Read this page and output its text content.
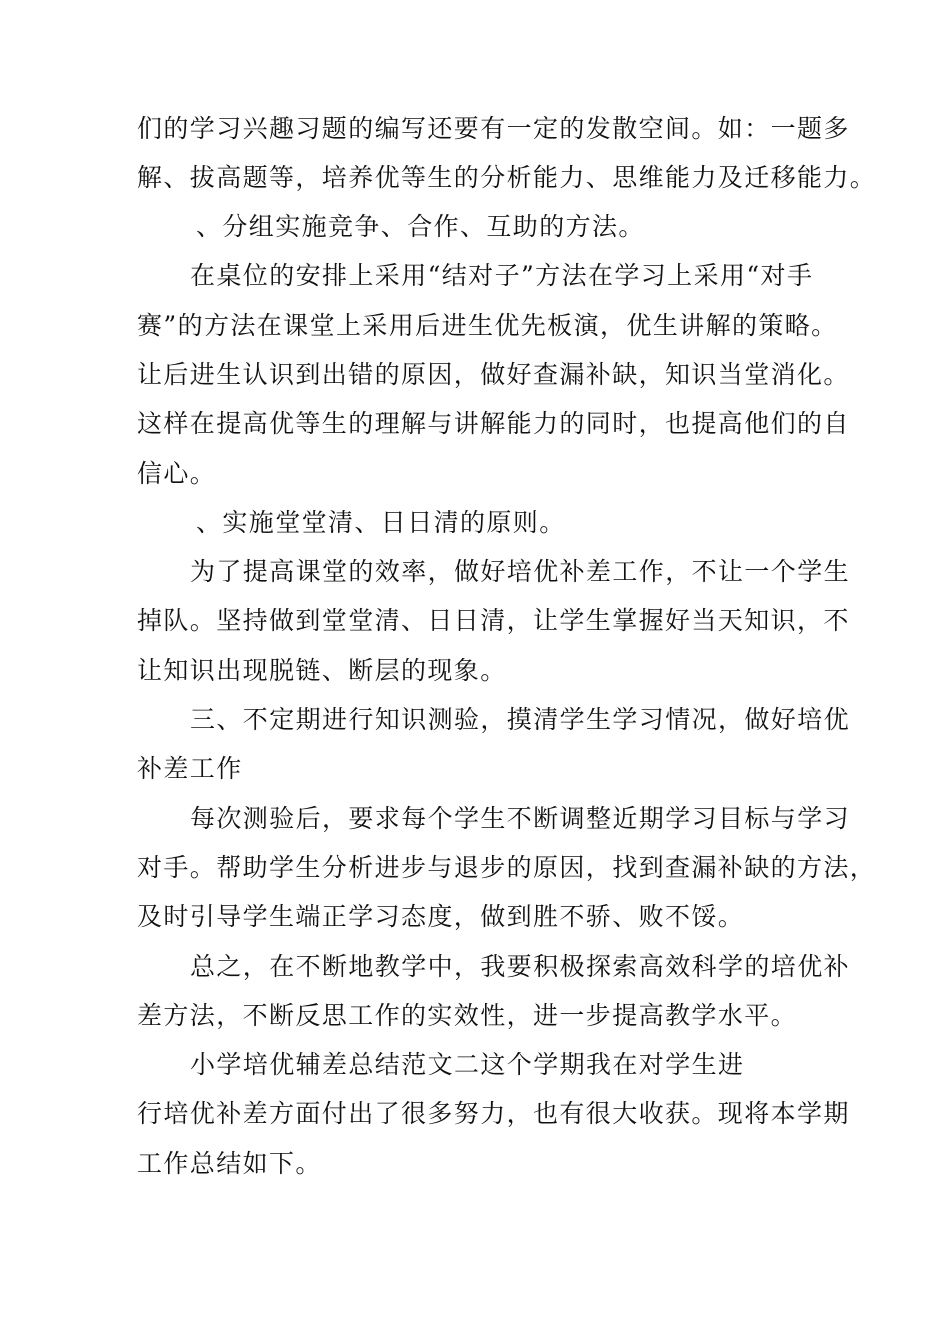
们的学习兴趣习题的编写还要有一定的发散空间。如：一题多
解、拔高题等，培养优等生的分析能力、思维能力及迁移能力。
、分组实施竞争、合作、互助的方法。
在桌位的安排上采用“结对子”方法在学习上采用“对手
赛”的方法在课堂上采用后进生优先板演，优生讲解的策略。
让后进生认识到出错的原因，做好查漏补缺，知识当堂消化。
这样在提高优等生的理解与讲解能力的同时，也提高他们的自
信心。
、实施堂堂清、日日清的原则。
为了提高课堂的效率，做好培优补差工作，不让一个学生
掉队。坚持做到堂堂清、日日清，让学生掌握好当天知识，不
让知识出现脱链、断层的现象。
三、不定期进行知识测验，摸清学生学习情况，做好培优
补差工作
每次测验后，要求每个学生不断调整近期学习目标与学习
对手。帮助学生分析进步与退步的原因，找到查漏补缺的方法，
及时引导学生端正学习态度，做到胜不骄、败不馁。
总之，在不断地教学中，我要积极探索高效科学的培优补
差方法，不断反思工作的实效性，进一步提高教学水平。
小学培优辅差总结范文二这个学期我在对学生进
行培优补差方面付出了很多努力，也有很大收获。现将本学期
工作总结如下。
